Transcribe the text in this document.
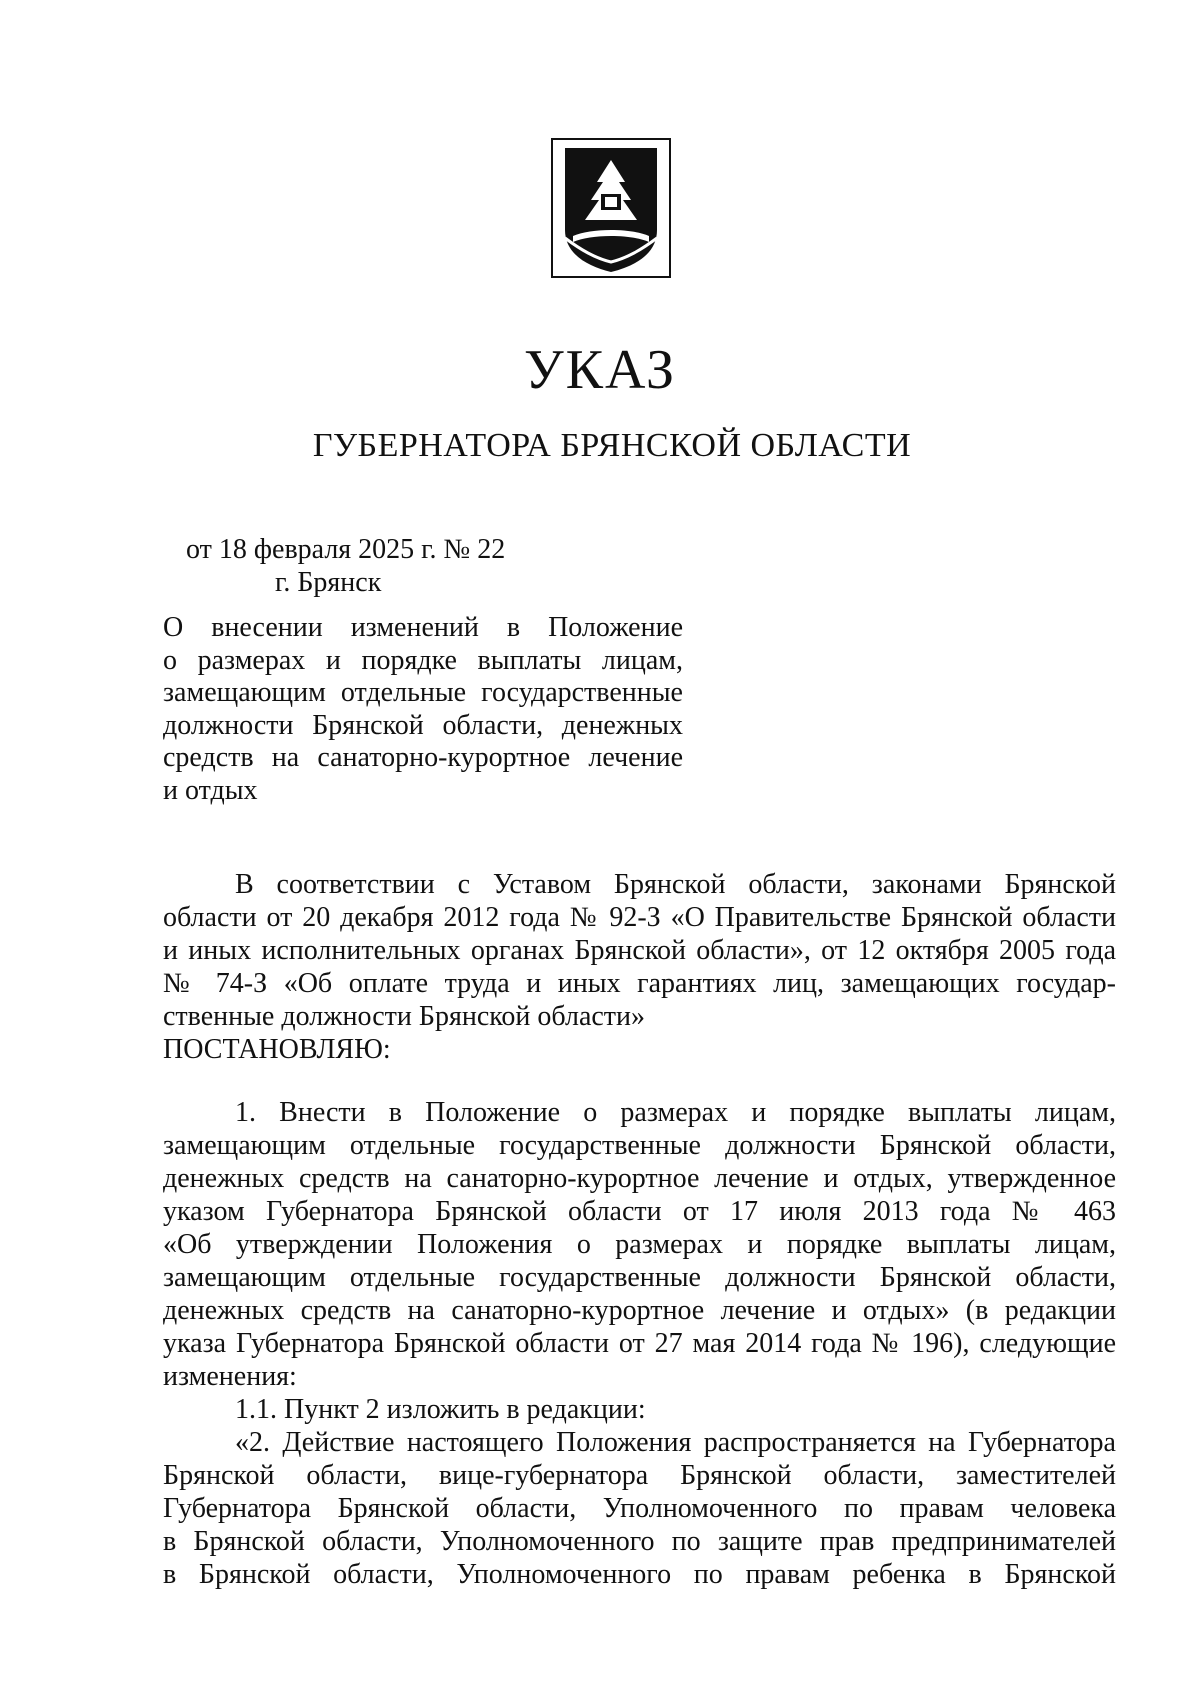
УКАЗ
ГУБЕРНАТОРА БРЯНСКОЙ ОБЛАСТИ
от 18 февраля 2025 г. № 22
г. Брянск
О внесении изменений в Положение
о размерах и порядке выплаты лицам,
замещающим отдельные государственные
должности Брянской области, денежных
средств на санаторно-курортное лечение
и отдых
В соответствии с Уставом Брянской области, законами Брянской
области от 20 декабря 2012 года № 92-З «О Правительстве Брянской области
и иных исполнительных органах Брянской области», от 12 октября 2005 года
№ 74-З «Об оплате труда и иных гарантиях лиц, замещающих государ-
ственные должности Брянской области»
ПОСТАНОВЛЯЮ:
1. Внести в Положение о размерах и порядке выплаты лицам,
замещающим отдельные государственные должности Брянской области,
денежных средств на санаторно-курортное лечение и отдых, утвержденное
указом Губернатора Брянской области от 17 июля 2013 года № 463
«Об утверждении Положения о размерах и порядке выплаты лицам,
замещающим отдельные государственные должности Брянской области,
денежных средств на санаторно-курортное лечение и отдых» (в редакции
указа Губернатора Брянской области от 27 мая 2014 года № 196), следующие
изменения:
1.1. Пункт 2 изложить в редакции:
«2. Действие настоящего Положения распространяется на Губернатора
Брянской области, вице-губернатора Брянской области, заместителей
Губернатора Брянской области, Уполномоченного по правам человека
в Брянской области, Уполномоченного по защите прав предпринимателей
в Брянской области, Уполномоченного по правам ребенка в Брянской
